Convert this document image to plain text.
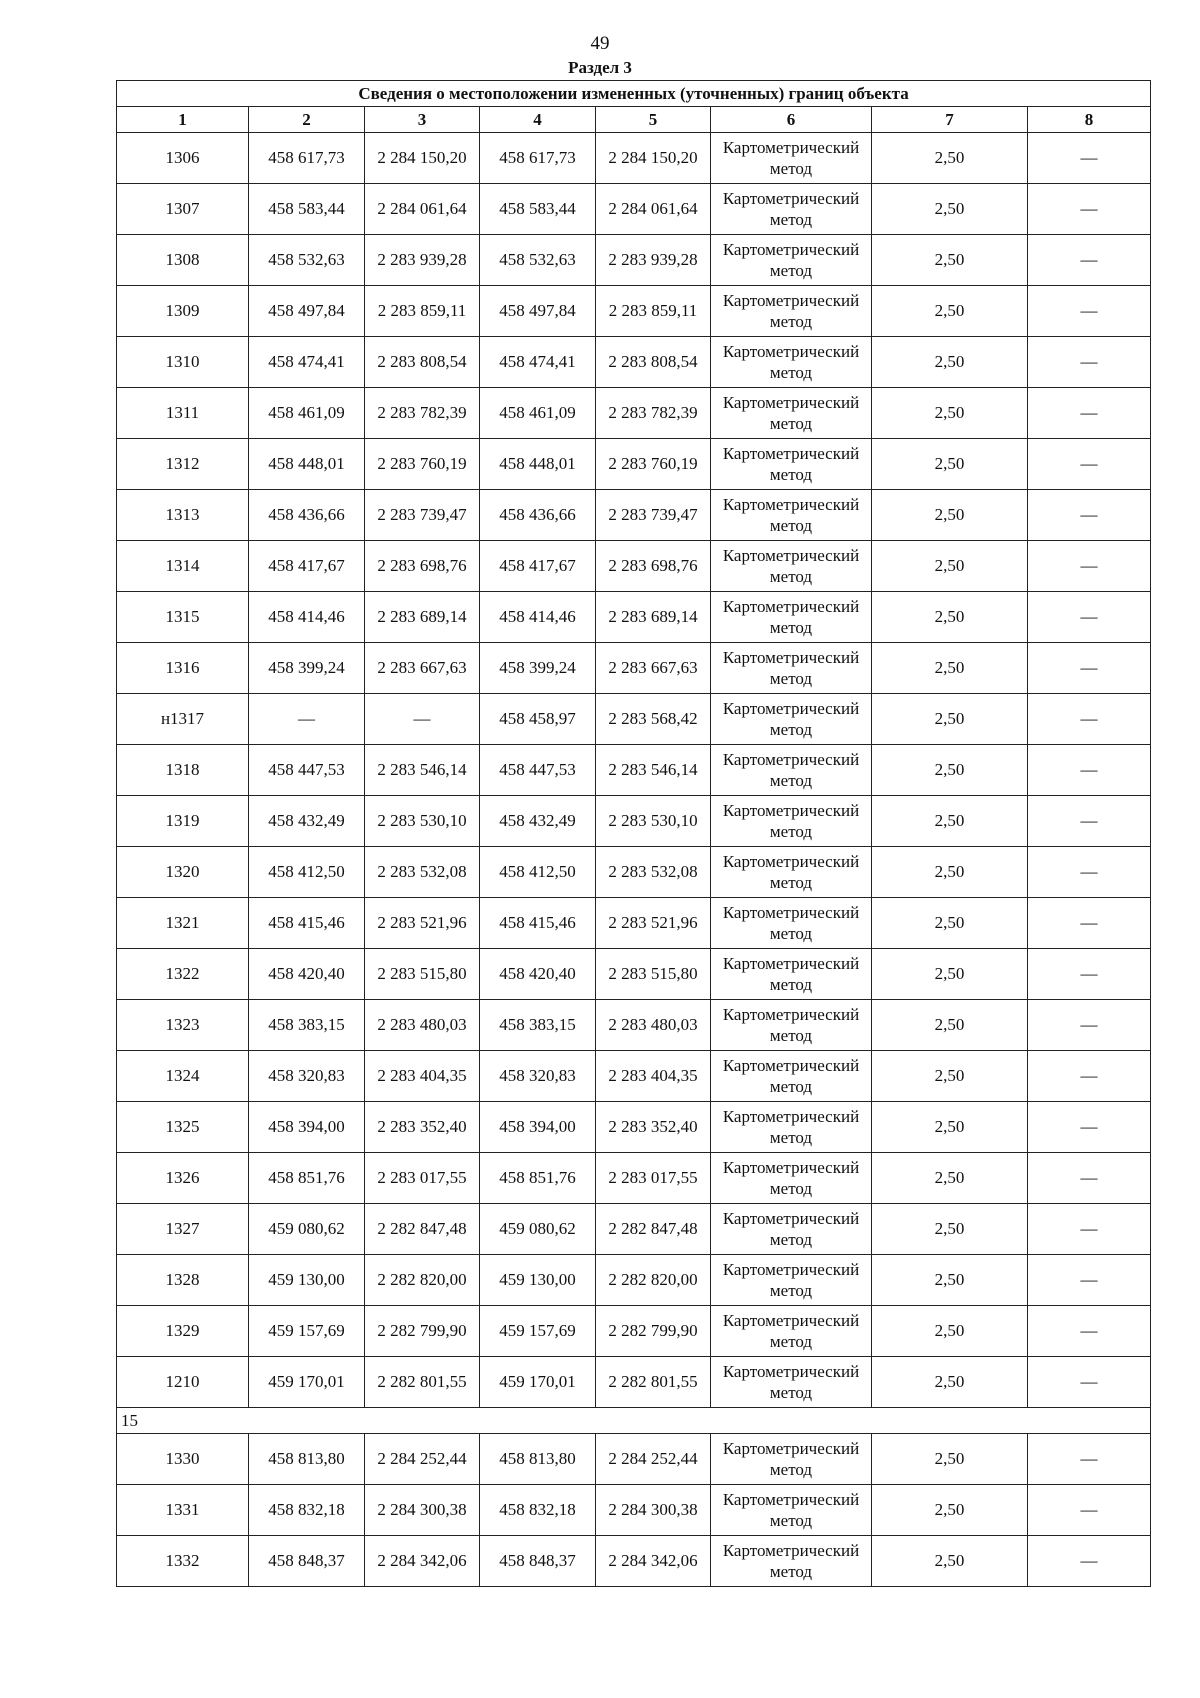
49
Раздел 3
Сведения о местоположении измененных (уточненных) границ объекта							
1	2	3	4	5	6	7	8
1306	458 617,73	2 284 150,20	458 617,73	2 284 150,20	Картометрический метод	2,50	—
1307	458 583,44	2 284 061,64	458 583,44	2 284 061,64	Картометрический метод	2,50	—
1308	458 532,63	2 283 939,28	458 532,63	2 283 939,28	Картометрический метод	2,50	—
1309	458 497,84	2 283 859,11	458 497,84	2 283 859,11	Картометрический метод	2,50	—
1310	458 474,41	2 283 808,54	458 474,41	2 283 808,54	Картометрический метод	2,50	—
1311	458 461,09	2 283 782,39	458 461,09	2 283 782,39	Картометрический метод	2,50	—
1312	458 448,01	2 283 760,19	458 448,01	2 283 760,19	Картометрический метод	2,50	—
1313	458 436,66	2 283 739,47	458 436,66	2 283 739,47	Картометрический метод	2,50	—
1314	458 417,67	2 283 698,76	458 417,67	2 283 698,76	Картометрический метод	2,50	—
1315	458 414,46	2 283 689,14	458 414,46	2 283 689,14	Картометрический метод	2,50	—
1316	458 399,24	2 283 667,63	458 399,24	2 283 667,63	Картометрический метод	2,50	—
н1317	—	—	458 458,97	2 283 568,42	Картометрический метод	2,50	—
1318	458 447,53	2 283 546,14	458 447,53	2 283 546,14	Картометрический метод	2,50	—
1319	458 432,49	2 283 530,10	458 432,49	2 283 530,10	Картометрический метод	2,50	—
1320	458 412,50	2 283 532,08	458 412,50	2 283 532,08	Картометрический метод	2,50	—
1321	458 415,46	2 283 521,96	458 415,46	2 283 521,96	Картометрический метод	2,50	—
1322	458 420,40	2 283 515,80	458 420,40	2 283 515,80	Картометрический метод	2,50	—
1323	458 383,15	2 283 480,03	458 383,15	2 283 480,03	Картометрический метод	2,50	—
1324	458 320,83	2 283 404,35	458 320,83	2 283 404,35	Картометрический метод	2,50	—
1325	458 394,00	2 283 352,40	458 394,00	2 283 352,40	Картометрический метод	2,50	—
1326	458 851,76	2 283 017,55	458 851,76	2 283 017,55	Картометрический метод	2,50	—
1327	459 080,62	2 282 847,48	459 080,62	2 282 847,48	Картометрический метод	2,50	—
1328	459 130,00	2 282 820,00	459 130,00	2 282 820,00	Картометрический метод	2,50	—
1329	459 157,69	2 282 799,90	459 157,69	2 282 799,90	Картометрический метод	2,50	—
1210	459 170,01	2 282 801,55	459 170,01	2 282 801,55	Картометрический метод	2,50	—
15							
1330	458 813,80	2 284 252,44	458 813,80	2 284 252,44	Картометрический метод	2,50	—
1331	458 832,18	2 284 300,38	458 832,18	2 284 300,38	Картометрический метод	2,50	—
1332	458 848,37	2 284 342,06	458 848,37	2 284 342,06	Картометрический метод	2,50	—
